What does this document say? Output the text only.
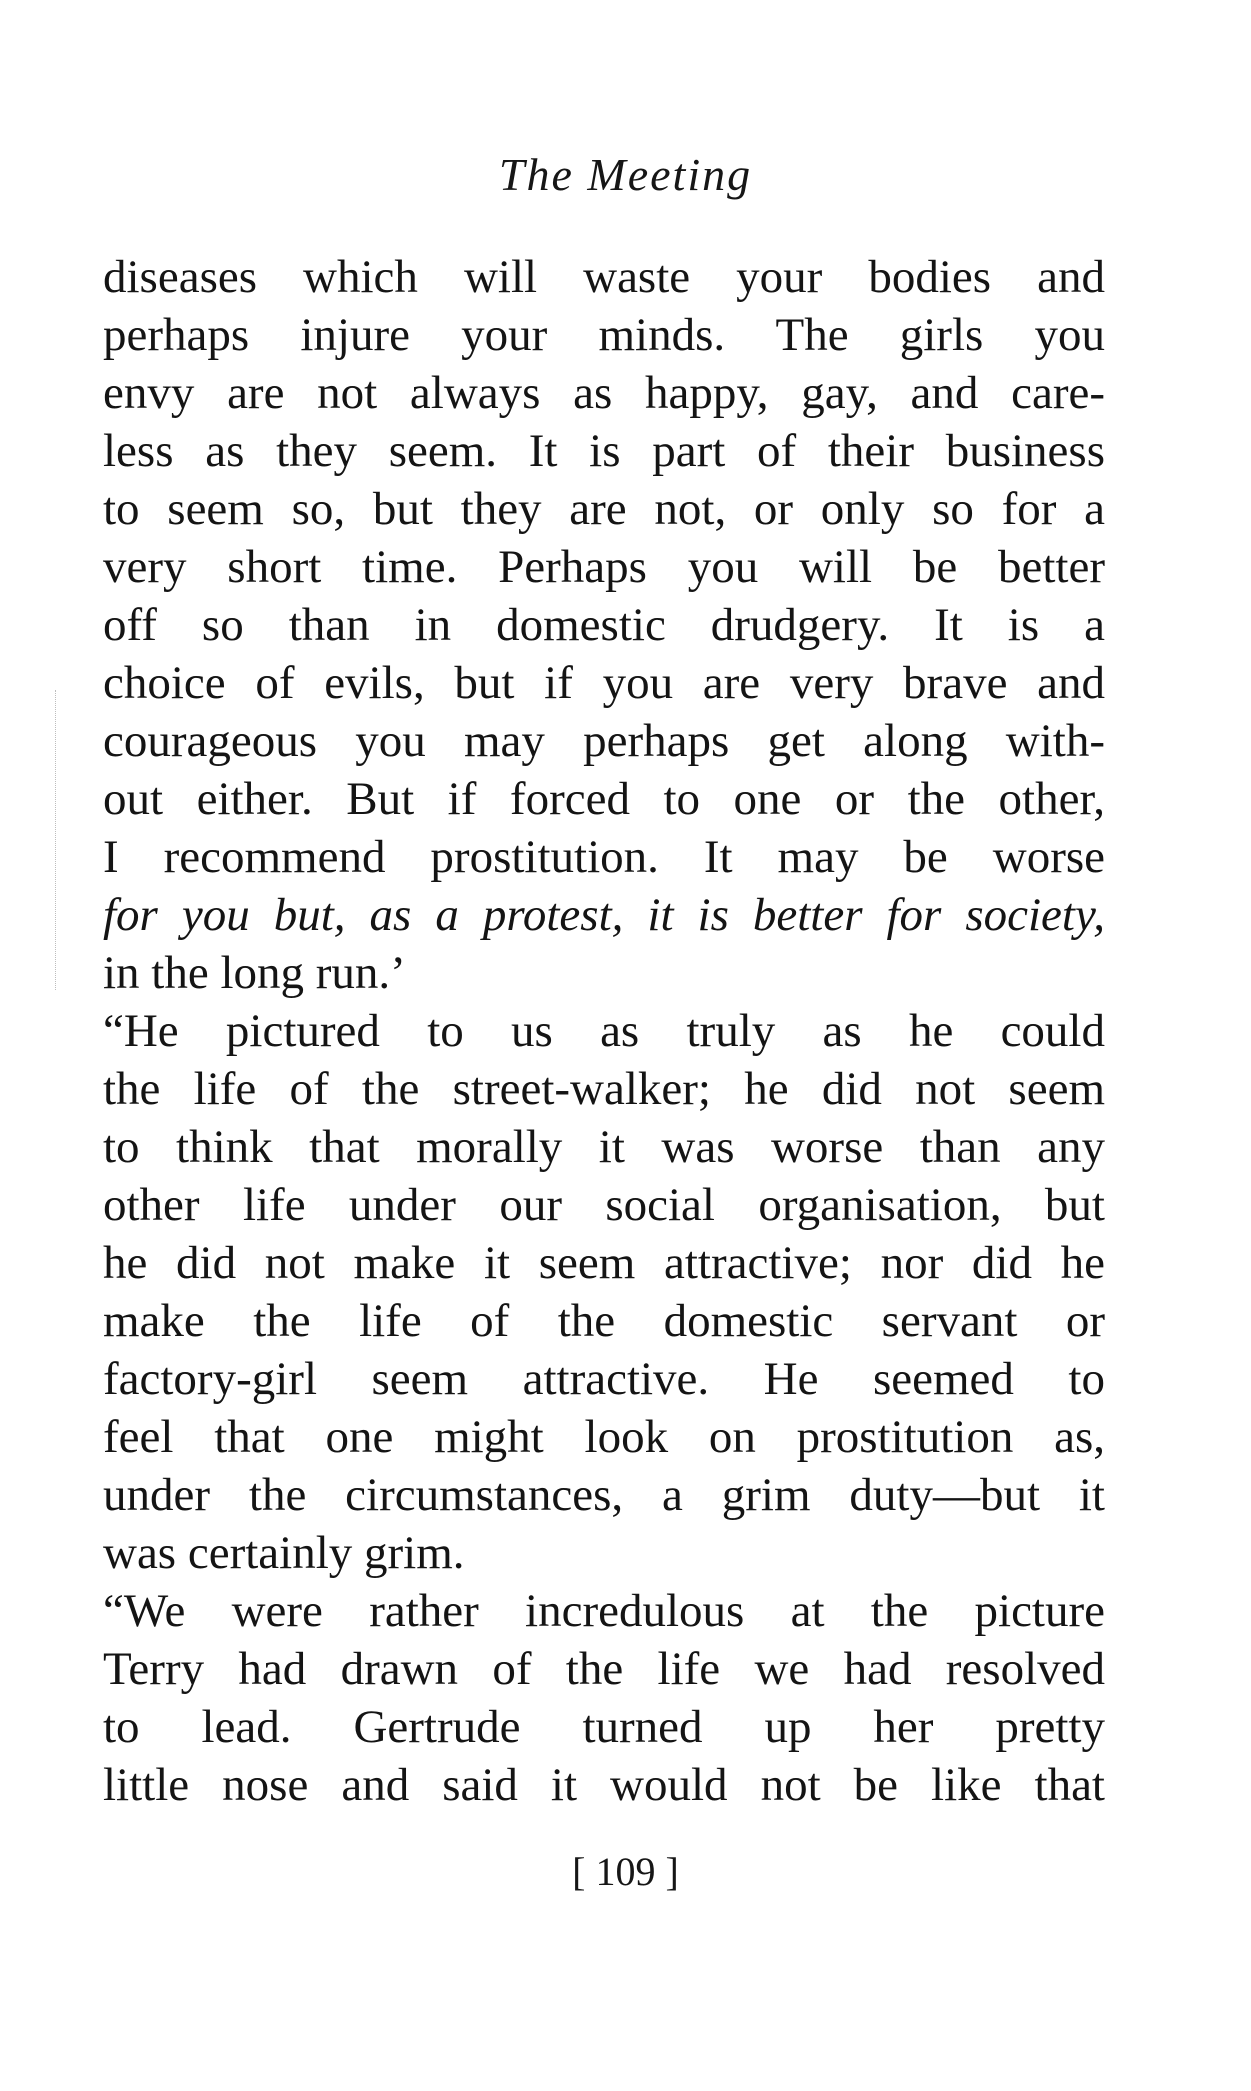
The Meeting
diseases which will waste your bodies and
perhaps injure your minds. The girls you
envy are not always as happy, gay, and care-
less as they seem. It is part of their business
to seem so, but they are not, or only so for a
very short time. Perhaps you will be better
off so than in domestic drudgery. It is a
choice of evils, but if you are very brave and
courageous you may perhaps get along with-
out either. But if forced to one or the other,
I recommend prostitution. It may be worse
for you but, as a protest, it is better for society,
in the long run.’
“He pictured to us as truly as he could
the life of the street-walker; he did not seem
to think that morally it was worse than any
other life under our social organisation, but
he did not make it seem attractive; nor did he
make the life of the domestic servant or
factory-girl seem attractive. He seemed to
feel that one might look on prostitution as,
under the circumstances, a grim duty—but it
was certainly grim.
“We were rather incredulous at the picture
Terry had drawn of the life we had resolved
to lead. Gertrude turned up her pretty
little nose and said it would not be like that
[ 109 ]
